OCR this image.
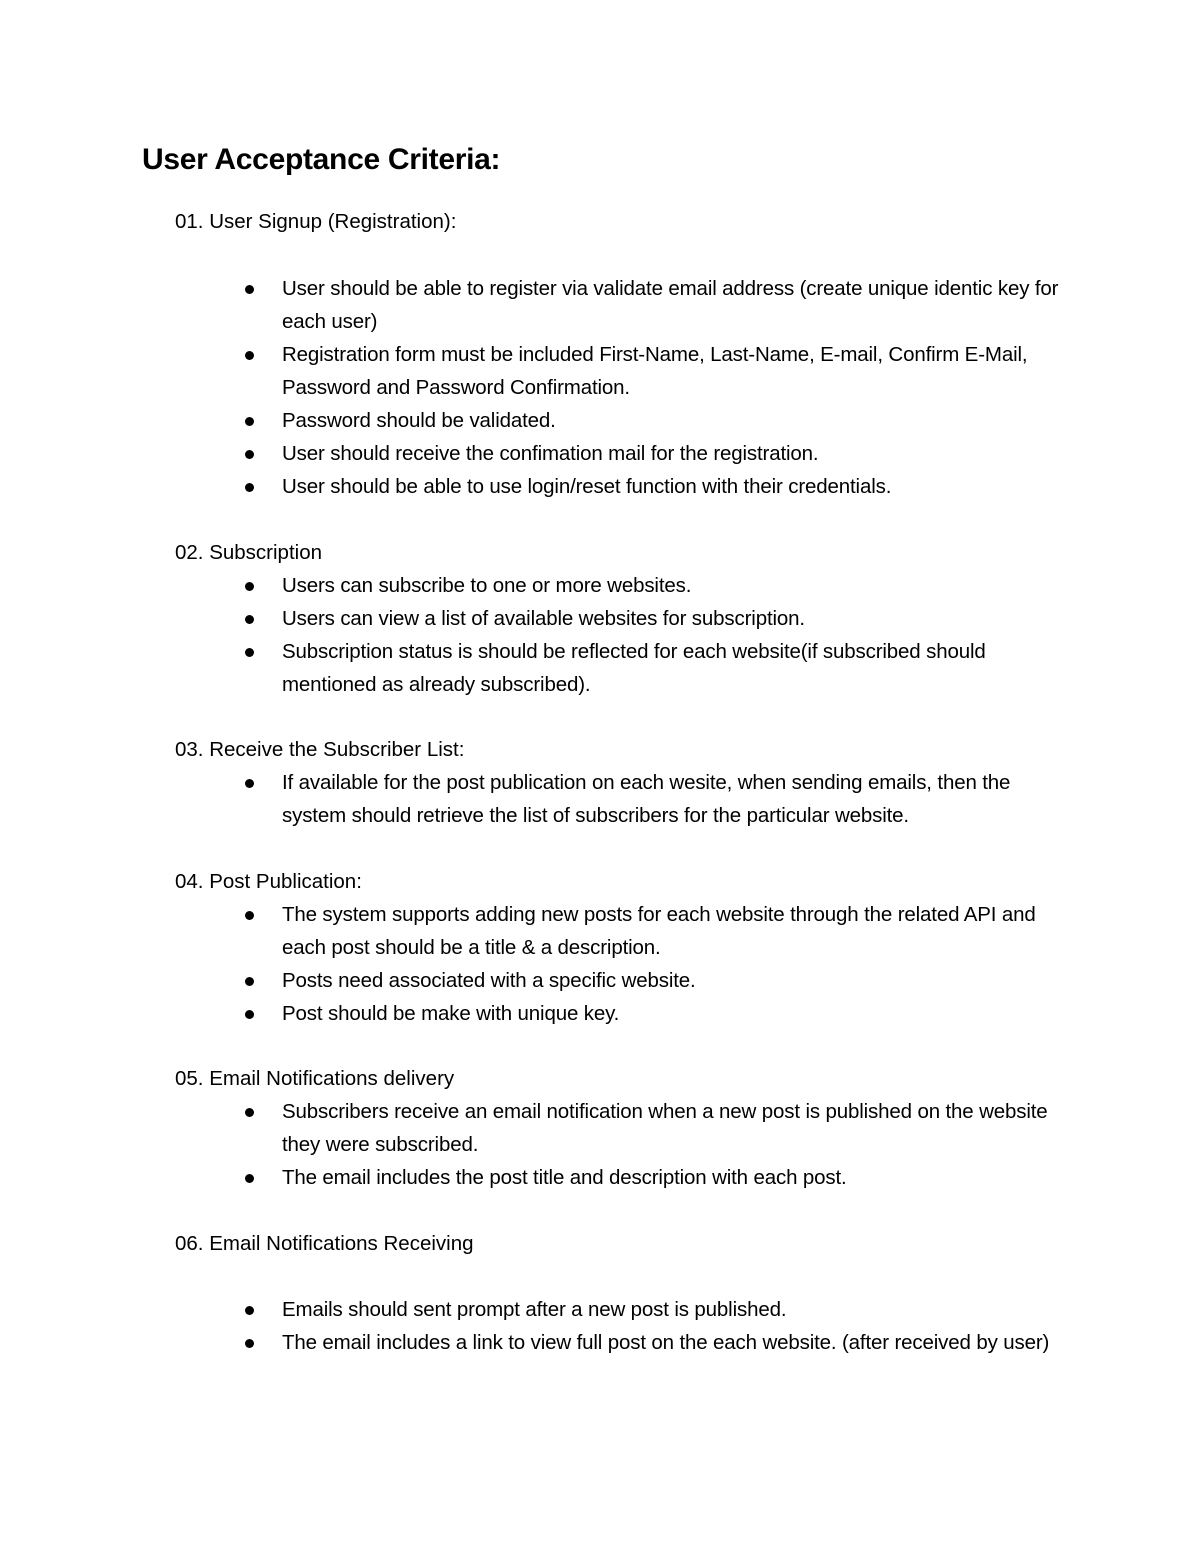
User Acceptance Criteria:
01. User Signup (Registration):
User should be able to register via validate email address (create unique identic key for each user)
Registration form must be included First-Name, Last-Name, E-mail, Confirm E-Mail, Password and Password Confirmation.
Password should be validated.
User should receive the confimation mail for the registration.
User should be able to use login/reset function with their credentials.
02. Subscription
Users can subscribe to one or more websites.
Users can view a list of available websites for subscription.
Subscription status is should be reflected for each website(if subscribed should mentioned as already subscribed).
03. Receive the Subscriber List:
If available for the post publication on each wesite, when sending emails, then the system should retrieve the list of subscribers for the particular website.
04. Post Publication:
The system supports adding new posts for each website through the related API and each post should be a title & a description.
Posts need associated with a specific website.
Post should be make with unique key.
05. Email Notifications delivery
Subscribers receive an email notification when a new post is published on the website they were subscribed.
The email includes the post title and description with each post.
06. Email Notifications Receiving
Emails should sent prompt after a new post is published.
The email includes a link to view full post on the each website. (after received by user)
